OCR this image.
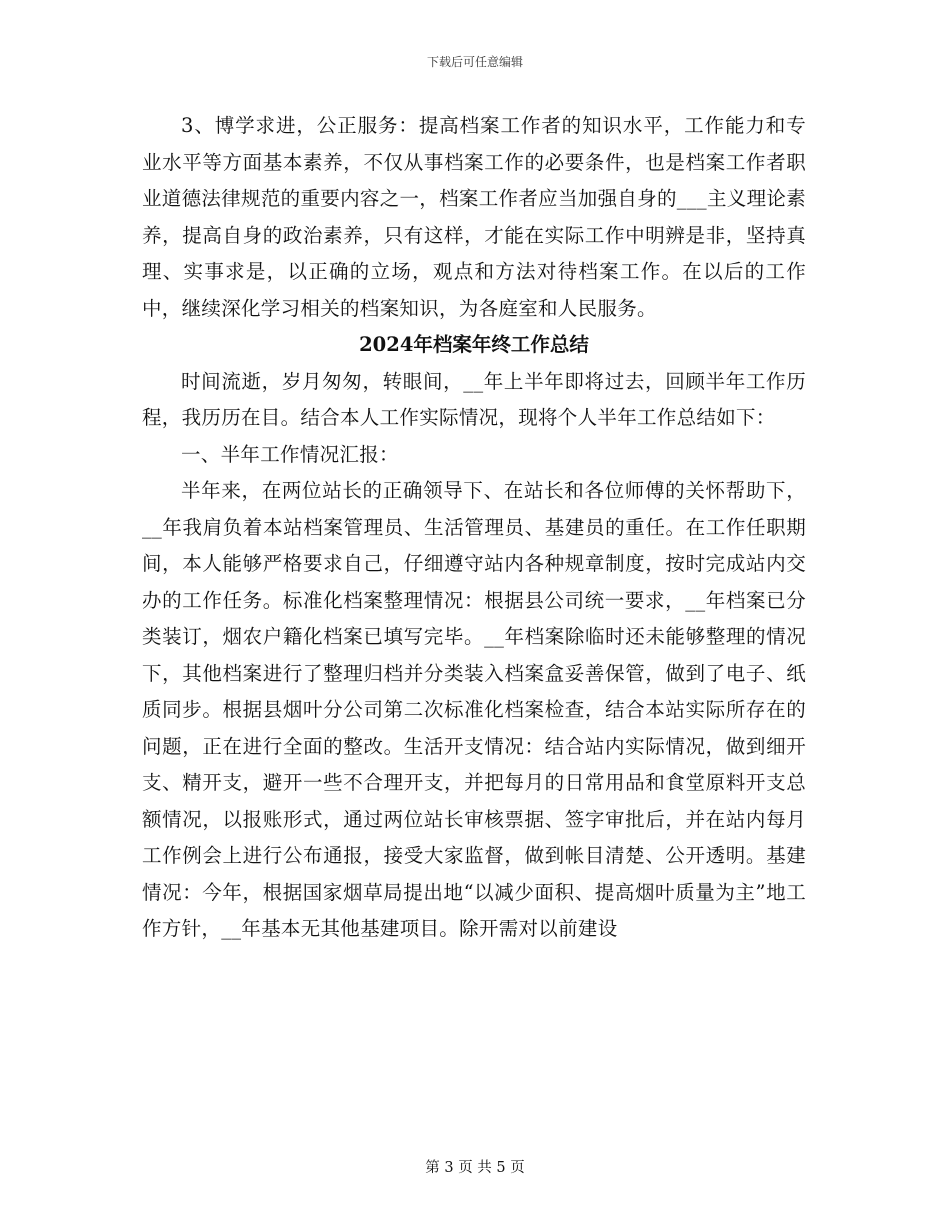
下载后可任意编辑

3、博学求进，公正服务：提高档案工作者的知识水平，工作能力和专业水平等方面基本素养，不仅从事档案工作的必要条件，也是档案工作者职业道德法律规范的重要内容之一，档案工作者应当加强自身的___主义理论素养，提高自身的政治素养，只有这样，才能在实际工作中明辨是非，坚持真理、实事求是，以正确的立场，观点和方法对待档案工作。在以后的工作中，继续深化学习相关的档案知识，为各庭室和人民服务。

2024年档案年终工作总结

时间流逝，岁月匆匆，转眼间，__年上半年即将过去，回顾半年工作历程，我历历在目。结合本人工作实际情况，现将个人半年工作总结如下：

一、半年工作情况汇报：

半年来，在两位站长的正确领导下、在站长和各位师傅的关怀帮助下，__年我肩负着本站档案管理员、生活管理员、基建员的重任。在工作任职期间，本人能够严格要求自己，仔细遵守站内各种规章制度，按时完成站内交办的工作任务。标准化档案整理情况：根据县公司统一要求，__年档案已分类装订，烟农户籍化档案已填写完毕。__年档案除临时还未能够整理的情况下，其他档案进行了整理归档并分类装入档案盒妥善保管，做到了电子、纸质同步。根据县烟叶分公司第二次标准化档案检查，结合本站实际所存在的问题，正在进行全面的整改。生活开支情况：结合站内实际情况，做到细开支、精开支，避开一些不合理开支，并把每月的日常用品和食堂原料开支总额情况，以报账形式，通过两位站长审核票据、签字审批后，并在站内每月工作例会上进行公布通报，接受大家监督，做到帐目清楚、公开透明。基建情况：今年，根据国家烟草局提出地“以减少面积、提高烟叶质量为主”地工作方针，__年基本无其他基建项目。除开需对以前建设

第 3 页 共 5 页
